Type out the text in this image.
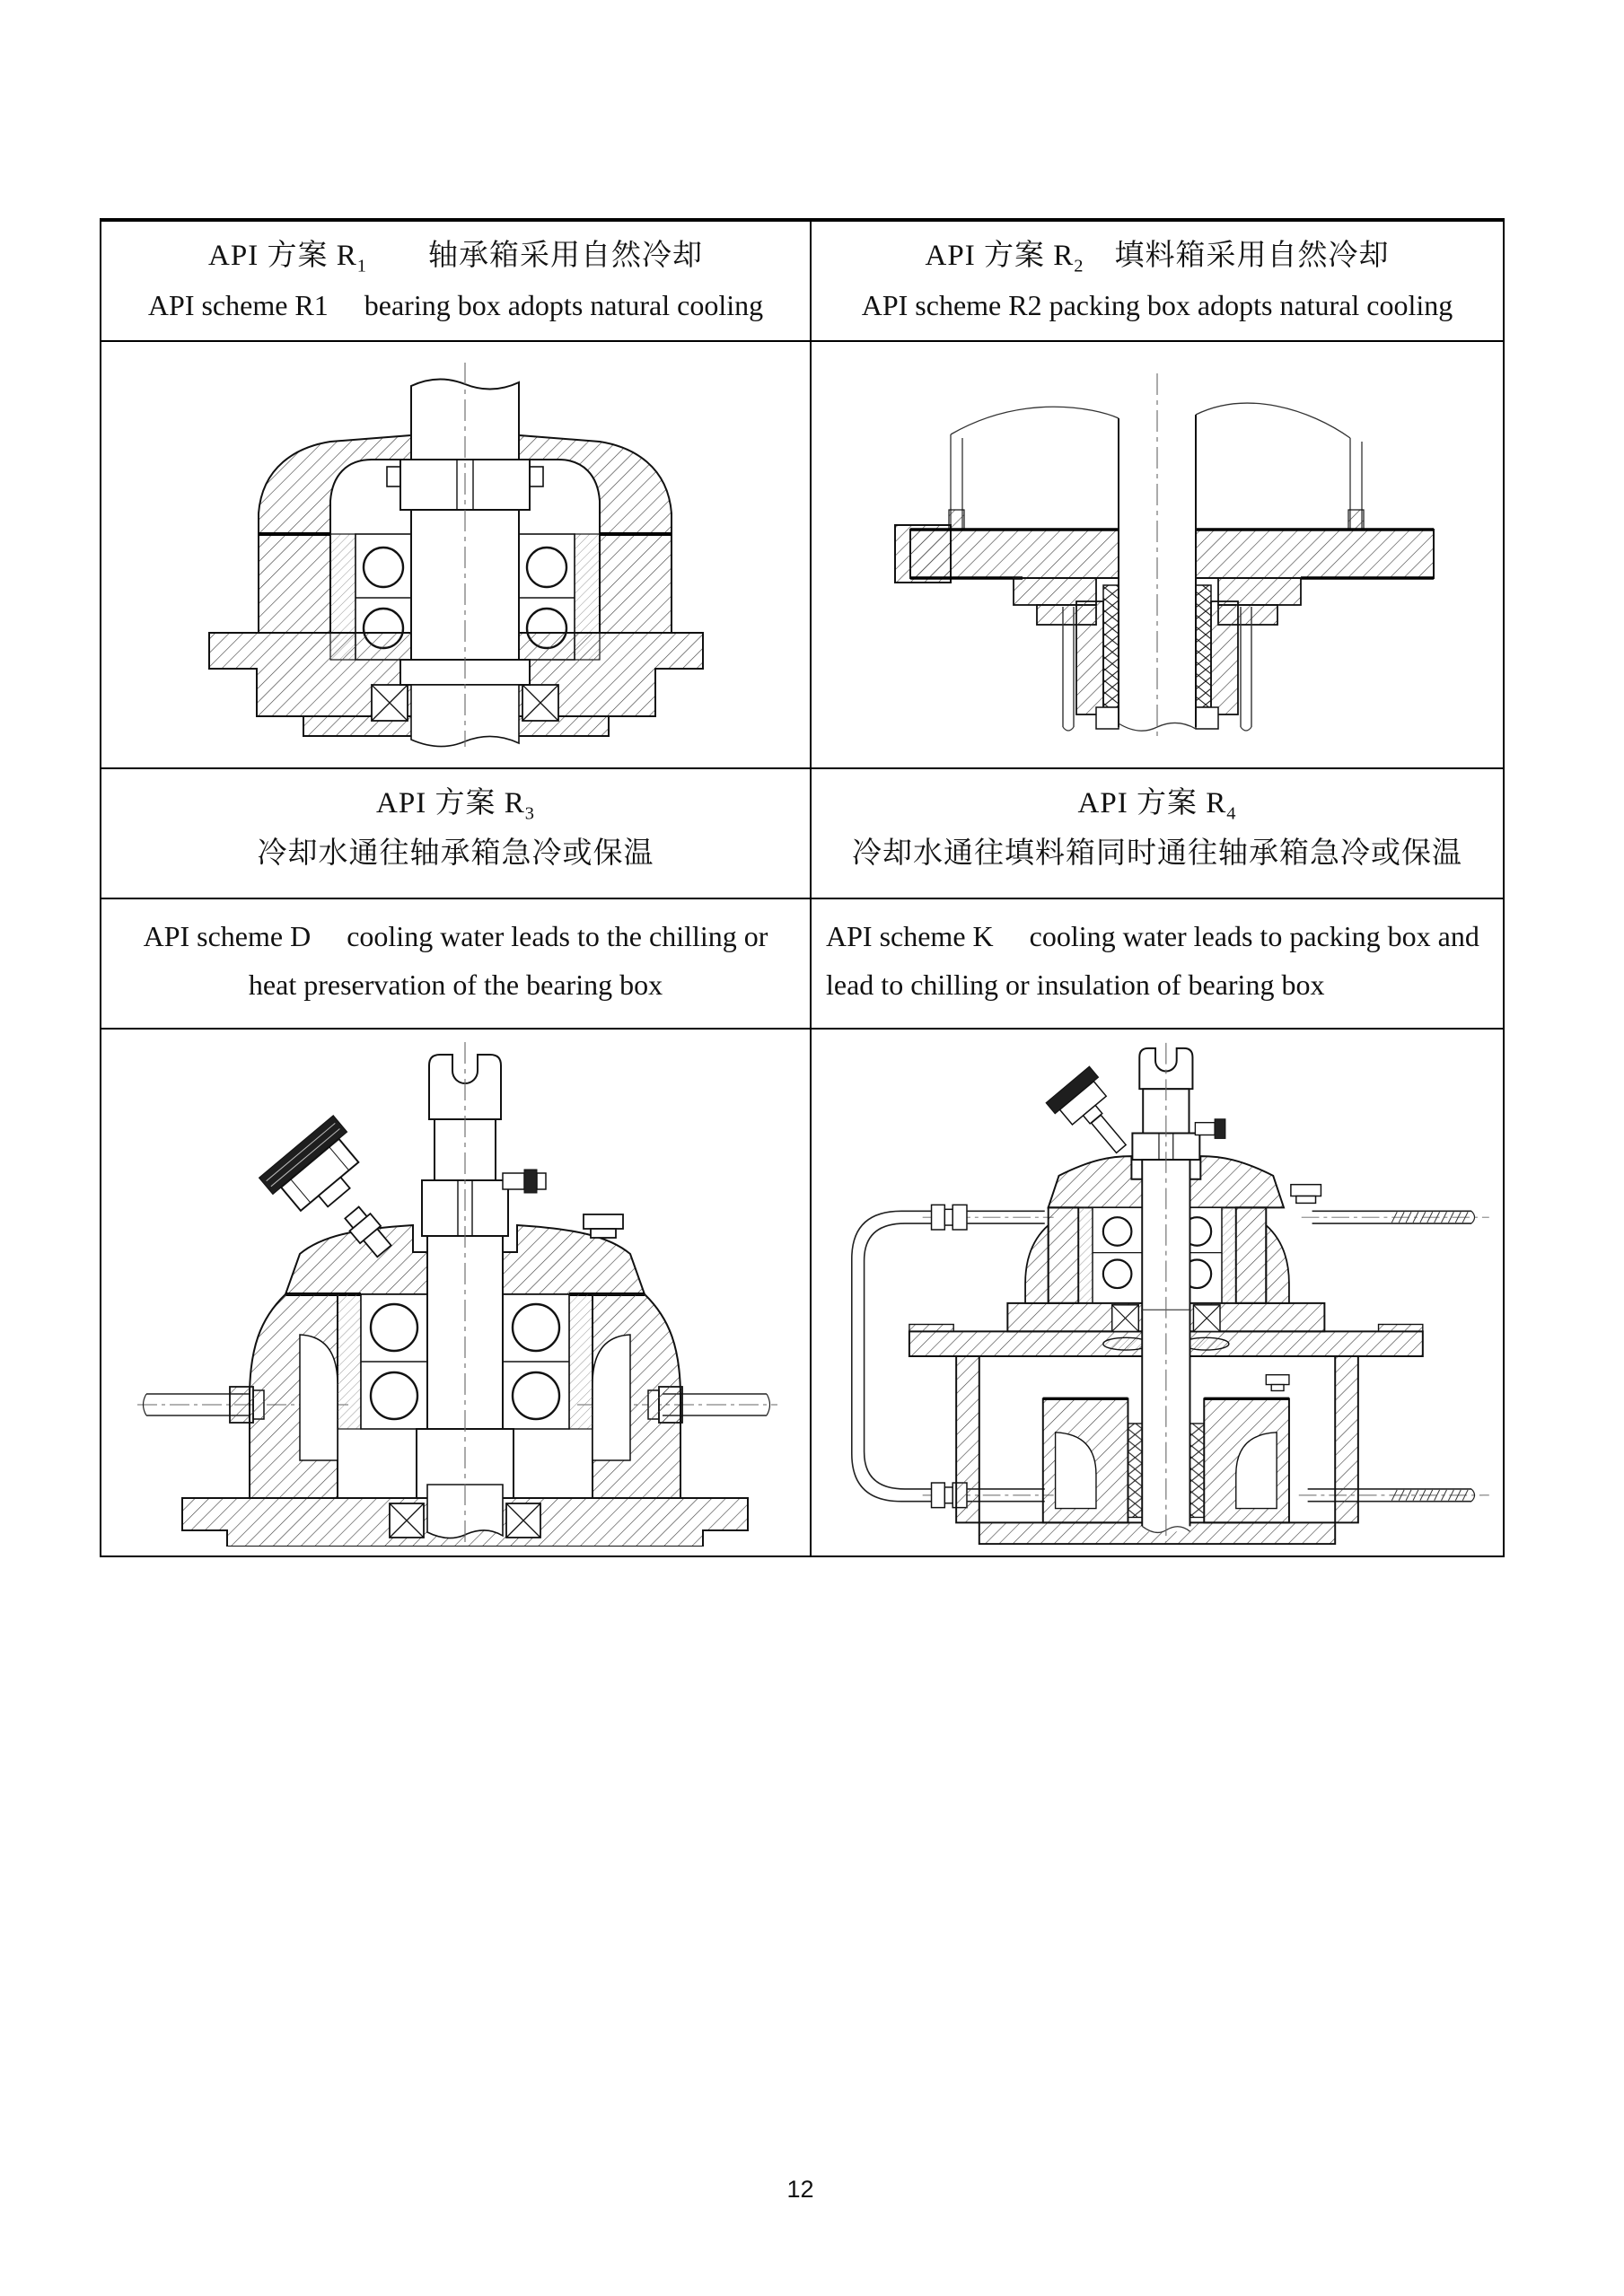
API 方案 $R_1$　　轴承箱采用自然冷却
API scheme R1     bearing box adopts natural cooling
API 方案 $R_2$　填料箱采用自然冷却
API scheme R2 packing box adopts natural cooling
API 方案 $R_3$
冷却水通往轴承箱急冷或保温
API 方案 $R_4$
冷却水通往填料箱同时通往轴承箱急冷或保温
API scheme D     cooling water leads to the chilling or
heat preservation of the bearing box
API scheme K     cooling water leads to packing box and
lead to chilling or insulation of bearing box
12
